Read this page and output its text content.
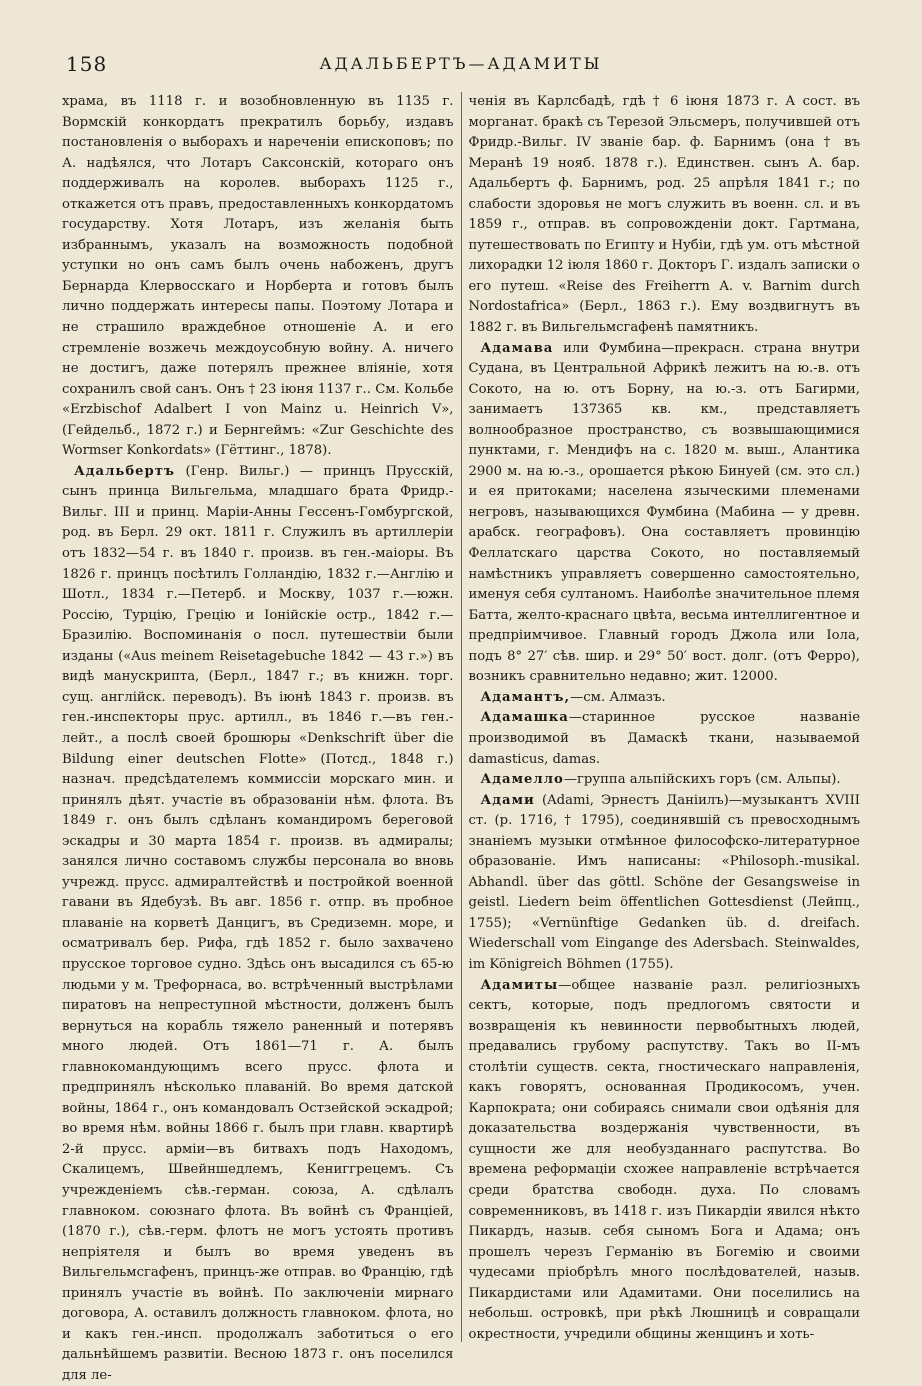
158	АДАЛЬБЕРТЪ—АДАМИТЫ

храма, въ 1118 г. и возобновленную въ 1135 г. Вормскій конкордатъ прекратилъ борьбу, издавъ постановленія о выборахъ и нареченіи епископовъ; по А. надѣялся, что Лотаръ Саксонскій, котораго онъ поддерживалъ на королев. выборахъ 1125 г., откажется отъ правъ, предоставленныхъ конкордатомъ государству. Хотя Лотаръ, изъ желанія быть избраннымъ, указалъ на возможность подобной уступки но онъ самъ былъ очень набоженъ, другъ Бернарда Клервосскаго и Норберта и готовъ былъ лично поддержать интересы папы. Поэтому Лотара и не страшило враждебное отношеніе А. и его стремленіе возжечь междоусобную войну. А. ничего не достигъ, даже потерялъ прежнее вліяніе, хотя сохранилъ свой санъ. Онъ † 23 іюня 1137 г.. См. Кольбе «Erzbischof Adalbert I von Mainz u. Heinrich V», (Гейдельб., 1872 г.) и Бернгеймъ: «Zur Geschichte des Wormser Konkordats» (Гёттинг., 1878).

Адальбертъ (Генр. Вильг.) — принцъ Прусскій, сынъ принца Вильгельма, младшаго брата Фридр.-Вильг. III и принц. Маріи-Анны Гессенъ-Гомбургской, род. въ Берл. 29 окт. 1811 г. Служилъ въ артиллеріи отъ 1832—54 г. въ 1840 г. произв. въ ген.-маіоры. Въ 1826 г. принцъ посѣтилъ Голландію, 1832 г.—Англію и Шотл., 1834 г.—Петерб. и Москву, 1037 г.—южн. Россію, Турцію, Грецію и Іонійскіе остр., 1842 г.—Бразилію. Воспоминанія о посл. путешествіи были изданы («Aus meinem Reisetagebuche 1842 — 43 г.») въ видѣ манускрипта, (Берл., 1847 г.; въ книжн. торг. сущ. англійск. переводъ). Въ іюнѣ 1843 г. произв. въ ген.-инспекторы прус. артилл., въ 1846 г.—въ ген.-лейт., а послѣ своей брошюры «Denkschrift über die Bildung einer deutschen Flotte» (Потсд., 1848 г.) назнач. предсѣдателемъ коммиссіи морскаго мин. и принялъ дѣят. участіе въ образованіи нѣм. флота. Въ 1849 г. онъ былъ сдѣланъ командиромъ береговой эскадры и 30 марта 1854 г. произв. въ адмиралы; занялся лично составомъ службы персонала во вновь учрежд. прусс. адмиралтействѣ и постройкой военной гавани въ Ядебузѣ. Въ авг. 1856 г. отпр. въ пробное плаваніе на корветѣ Данцигъ, въ Средиземн. море, и осматривалъ бер. Рифа, гдѣ 1852 г. было захвачено прусское торговое судно. Здѣсь онъ высадился съ 65-ю людьми у м. Трефорнаса, во. встрѣченный выстрѣлами пиратовъ на непреступной мѣстности, долженъ былъ вернуться на корабль тяжело раненный и потерявъ много людей. Отъ 1861—71 г. А. былъ главнокомандующимъ всего прусс. флота и предпринялъ нѣсколько плаваній. Во время датской войны, 1864 г., онъ командовалъ Остзейской эскадрой; во время нѣм. войны 1866 г. былъ при главн. квартирѣ 2-й прусс. арміи—въ битвахъ подъ Находомъ, Скалицемъ, Швейншедлемъ, Кениггрецемъ. Съ учрежденіемъ сѣв.-герман. союза, А. сдѣлалъ главноком. союзнаго флота. Въ войнѣ съ Франціей, (1870 г.), сѣв.-герм. флотъ не могъ устоять противъ непріятеля и былъ во время уведенъ въ Вильгельмсгафенъ, принцъ-же отправ. во Францію, гдѣ принялъ участіе въ войнѣ. По заключеніи мирнаго договора, А. оставилъ должность главноком. флота, но и какъ ген.-инсп. продолжалъ заботиться о его дальнѣйшемъ развитіи. Весною 1873 г. онъ поселился для ле-

ченія въ Карлсбадѣ, гдѣ † 6 іюня 1873 г. А сост. въ морганат. бракѣ съ Терезой Эльсмеръ, получившей отъ Фридр.-Вильг. IV званіе бар. ф. Барнимъ (она † въ Меранѣ 19 нояб. 1878 г.). Единствен. сынъ А. бар. Адальбертъ ф. Барнимъ, род. 25 апрѣля 1841 г.; по слабости здоровья не могъ служить въ военн. сл. и въ 1859 г., отправ. въ сопровожденіи докт. Гартмана, путешествовать по Египту и Нубіи, гдѣ ум. отъ мѣстной лихорадки 12 іюля 1860 г. Докторъ Г. издалъ записки о его путеш. «Reise des Freiherrn A. v. Barnim durch Nordostafrica» (Берл., 1863 г.). Ему воздвигнутъ въ 1882 г. въ Вильгельмсгафенѣ памятникъ.

Адамава или Фумбина—прекрасн. страна внутри Судана, въ Центральной Африкѣ лежитъ на ю.-в. отъ Сокото, на ю. отъ Борну, на ю.-з. отъ Багирми, занимаетъ 137365 кв. км., представляетъ волнообразное пространство, съ возвышающимися пунктами, г. Мендифъ на с. 1820 м. выш., Алантика 2900 м. на ю.-з., орошается рѣкою Бинуей (см. это сл.) и ея притоками; населена языческими племенами негровъ, называющихся Фумбина (Мабина — у древн. арабск. географовъ). Она составляетъ провинцію Феллатскаго царства Сокото, но поставляемый намѣстникъ управляетъ совершенно самостоятельно, именуя себя султаномъ. Наиболѣе значительное племя Батта, желто-краснаго цвѣта, весьма интеллигентное и предпріимчивое. Главный городъ Джола или Іола, подъ 8° 27′ сѣв. шир. и 29° 50′ вост. долг. (отъ Ферро), возникъ сравнительно недавно; жит. 12000.

Адамантъ,—см. Алмазъ.

Адамашка—старинное русское названіе производимой въ Дамаскѣ ткани, называемой damasticus, damas.

Адамелло—группа альпійскихъ горъ (см. Альпы).

Адами (Adami, Эрнестъ Даніилъ)—музыкантъ XVIII ст. (р. 1716, † 1795), соединявшій съ превосходнымъ знаніемъ музыки отмѣнное философско-литературное образованіе. Имъ написаны: «Philosoph.-musikal. Abhandl. über das göttl. Schöne der Gesangsweise in geistl. Liedern beim öffentlichen Gottesdienst (Лейпц., 1755); «Vernünftige Gedanken üb. d. dreifach. Wiederschall vom Eingange des Adersbach. Steinwaldes, im Königreich Böhmen (1755).

Адамиты—общее названіе разл. религіозныхъ сектъ, которые, подъ предлогомъ святости и возвращенія къ невинности первобытныхъ людей, предавались грубому распутству. Такъ во II-мъ столѣтіи существ. секта, гностическаго направленія, какъ говорятъ, основанная Продикосомъ, учен. Карпократа; они собираясь снимали свои одѣянія для доказательства воздержанія чувственности, въ сущности же для необузданнаго распутства. Во времена реформаціи схожее направленіе встрѣчается среди братства свободн. духа. По словамъ современниковъ, въ 1418 г. изъ Пикардіи явился нѣкто Пикардъ, назыв. себя сыномъ Бога и Адама; онъ прошелъ черезъ Германію въ Богемію и своими чудесами пріобрѣлъ много послѣдователей, назыв. Пикардистами или Адамитами. Они поселились на небольш. островкѣ, при рѣкѣ Люшницѣ и совращали окрестности, учредили общины женщинъ и хоть-
